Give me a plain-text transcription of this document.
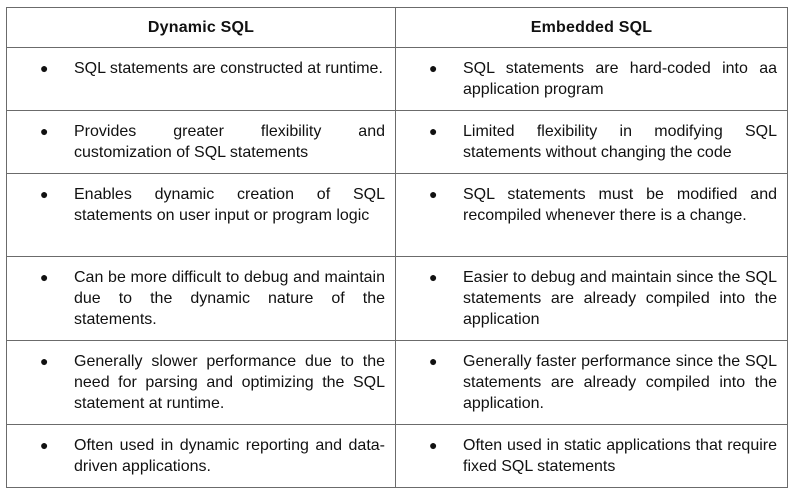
Dynamic SQL	Embedded SQL

● SQL statements are constructed at runtime.	● SQL statements are hard-coded into aa application program

● Provides greater flexibility and customization of SQL statements	● Limited flexibility in modifying SQL statements without changing the code

● Enables dynamic creation of SQL statements on user input or program logic	● SQL statements must be modified and recompiled whenever there is a change.

● Can be more difficult to debug and maintain due to the dynamic nature of the statements.	● Easier to debug and maintain since the SQL statements are already compiled into the application

● Generally slower performance due to the need for parsing and optimizing the SQL statement at runtime.	● Generally faster performance since the SQL statements are already compiled into the application.

● Often used in dynamic reporting and data-driven applications.	● Often used in static applications that require fixed SQL statements
